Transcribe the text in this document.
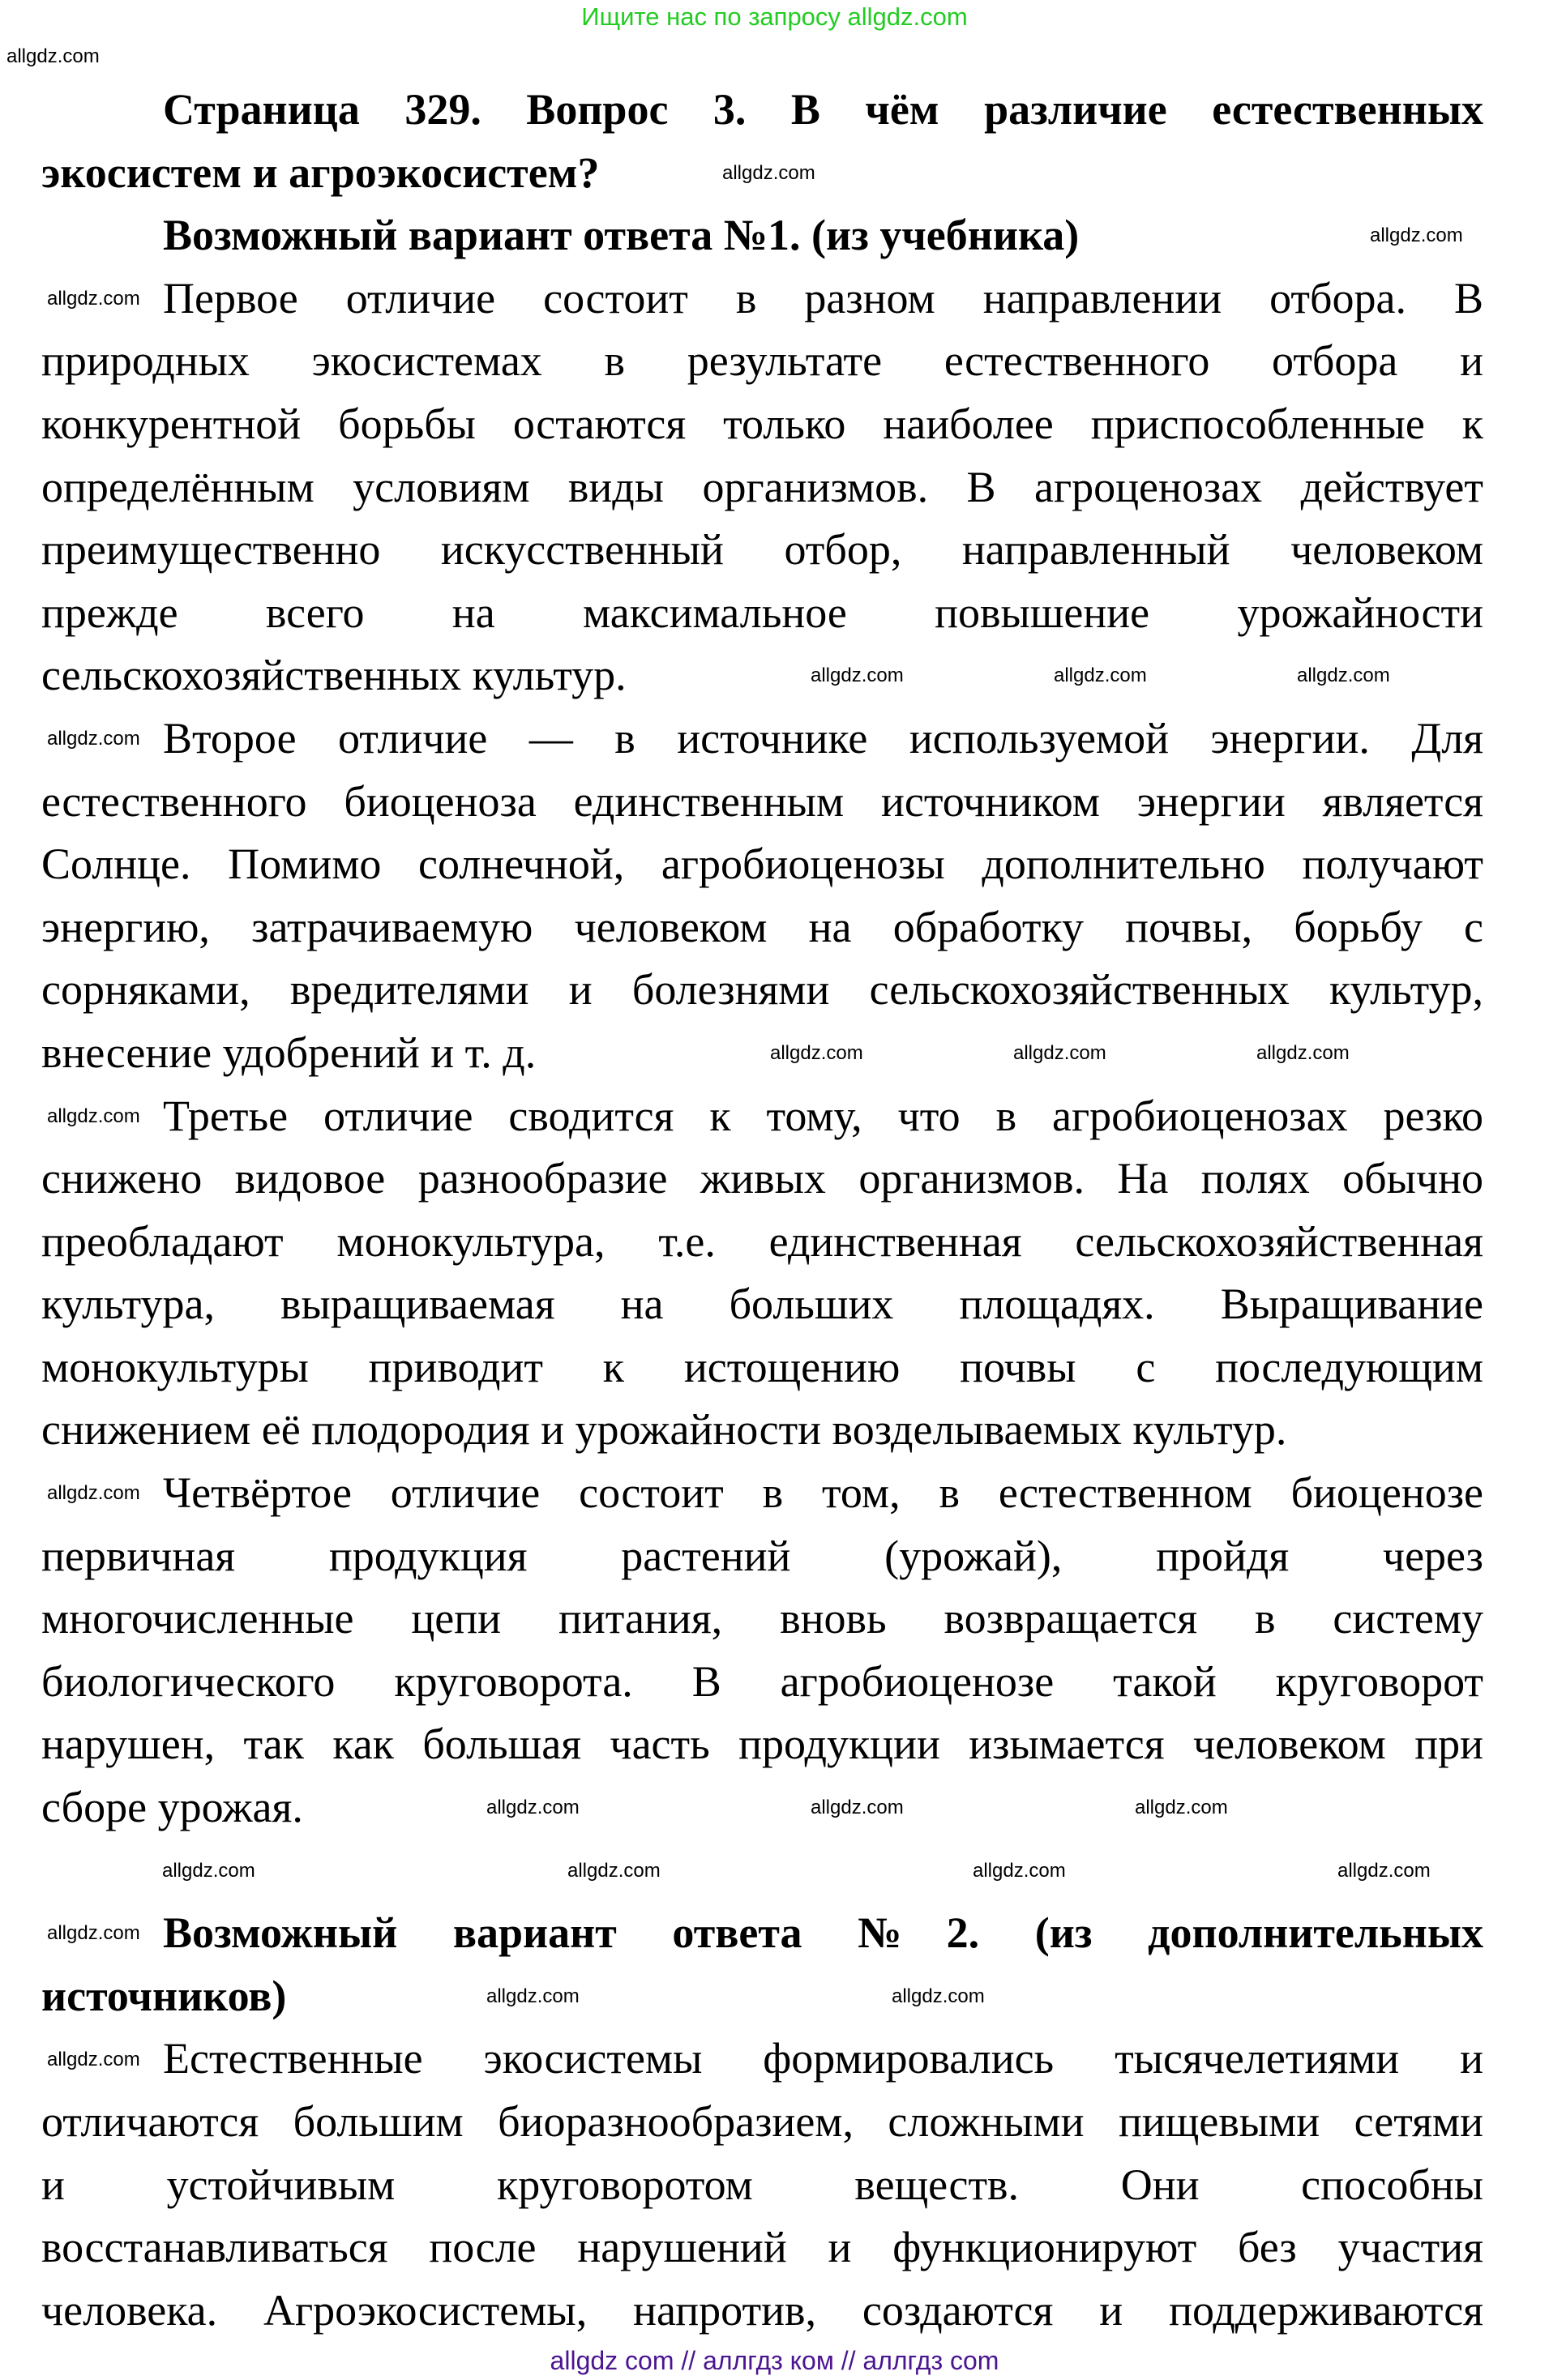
Ищите нас по запросу allgdz.com
Страница 329. Вопрос 3. В чём различие естественных
экосистем и агроэкосистем?
Возможный вариант ответа №1. (из учебника)
Первое отличие состоит в разном направлении отбора. В
природных экосистемах в результате естественного отбора и
конкурентной борьбы остаются только наиболее приспособленные к
определённым условиям виды организмов. В агроценозах действует
преимущественно искусственный отбор, направленный человеком
прежде всего на максимальное повышение урожайности
сельскохозяйственных культур.
Второе отличие — в источнике используемой энергии. Для
естественного биоценоза единственным источником энергии является
Солнце. Помимо солнечной, агробиоценозы дополнительно получают
энергию, затрачиваемую человеком на обработку почвы, борьбу с
сорняками, вредителями и болезнями сельскохозяйственных культур,
внесение удобрений и т. д.
Третье отличие сводится к тому, что в агробиоценозах резко
снижено видовое разнообразие живых организмов. На полях обычно
преобладают монокультура, т.е. единственная сельскохозяйственная
культура, выращиваемая на больших площадях. Выращивание
монокультуры приводит к истощению почвы с последующим
снижением её плодородия и урожайности возделываемых культур.
Четвёртое отличие состоит в том, в естественном биоценозе
первичная продукция растений (урожай), пройдя через
многочисленные цепи питания, вновь возвращается в систему
биологического круговорота. В агробиоценозе такой круговорот
нарушен, так как большая часть продукции изымается человеком при
сборе урожая.
Возможный вариант ответа №2. (из дополнительных
источников)
Естественные экосистемы формировались тысячелетиями и
отличаются большим биоразнообразием, сложными пищевыми сетями
и устойчивым круговоротом веществ. Они способны
восстанавливаться после нарушений и функционируют без участия
человека. Агроэкосистемы, напротив, создаются и поддерживаются
allgdz.com
allgdz.com
allgdz.com
allgdz.com
allgdz.com	allgdz.com	allgdz.com
allgdz.com
allgdz.com	allgdz.com	allgdz.com
allgdz.com
allgdz.com
allgdz.com	allgdz.com	allgdz.com
allgdz.com	allgdz.com	allgdz.com	allgdz.com
allgdz.com
allgdz.com	allgdz.com
allgdz.com
allgdz com // аллгдз ком // аллгдз com
